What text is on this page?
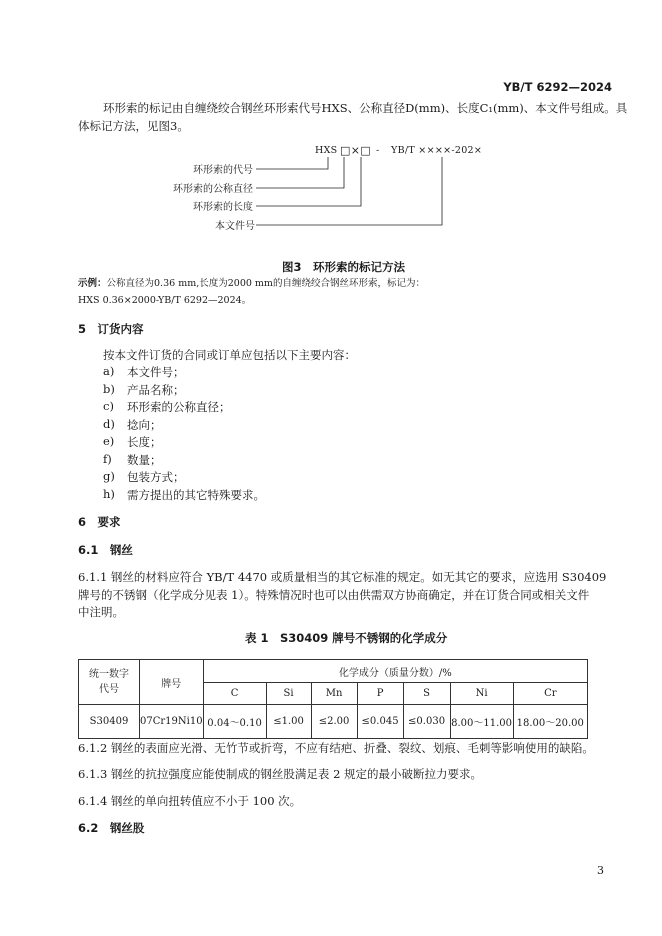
YB/T 6292—2024
环形索的标记由自缠绕绞合钢丝环形索代号HXS、公称直径D(mm)、长度C₁(mm)、本文件号组成。具
体标记方法，见图3。
HXS □×□ - YB/T ××××-202×
环形索的代号
环形索的公称直径
环形索的长度
本文件号
图3　环形索的标记方法
示例：公称直径为0.36 mm,长度为2000 mm的自缠绕绞合钢丝环形索，标记为：
HXS 0.36×2000-YB/T 6292—2024。
5　订货内容
按本文件订货的合同或订单应包括以下主要内容：
a)	本文件号；
b)	产品名称；
c)	环形索的公称直径；
d)	捻向；
e)	长度；
f)	数量；
g)	包装方式；
h)	需方提出的其它特殊要求。
6　要求
6.1　钢丝
6.1.1 钢丝的材料应符合 YB/T 4470 或质量相当的其它标准的规定。如无其它的要求，应选用 S30409
牌号的不锈钢（化学成分见表 1）。特殊情况时也可以由供需双方协商确定，并在订货合同或相关文件
中注明。
表 1　S30409 牌号不锈钢的化学成分
统一数字
代号	牌号	化学成分（质量分数）/%						
		C	Si	Mn	P	S	Ni	Cr
S30409	07Cr19Ni10	0.04～0.10	≤1.00	≤2.00	≤0.045	≤0.030	8.00～11.00	18.00～20.00
6.1.2 钢丝的表面应光滑、无竹节或折弯，不应有结疤、折叠、裂纹、划痕、毛刺等影响使用的缺陷。
6.1.3 钢丝的抗拉强度应能使制成的钢丝股满足表 2 规定的最小破断拉力要求。
6.1.4 钢丝的单向扭转值应不小于 100 次。
6.2　钢丝股
3
